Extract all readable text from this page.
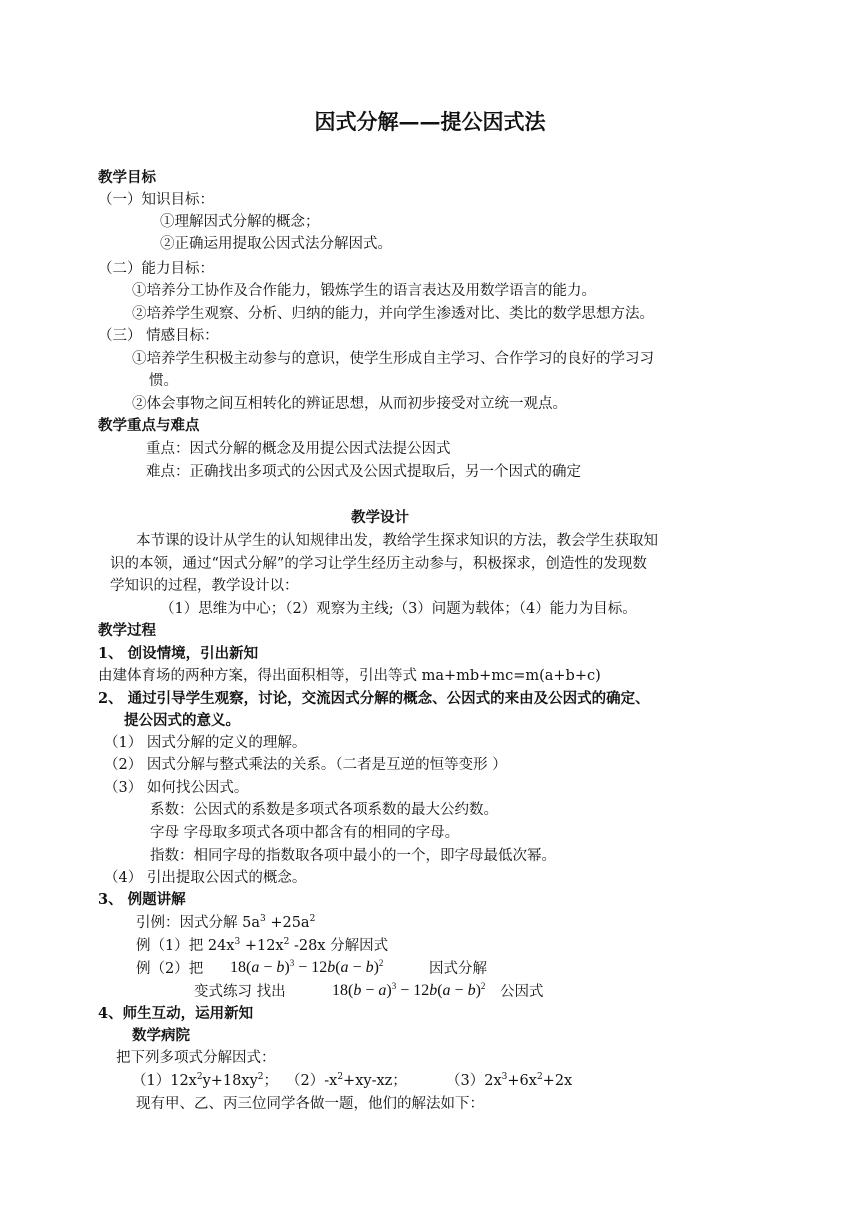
因式分解——提公因式法
教学目标
（一）知识目标：
①理解因式分解的概念；
②正确运用提取公因式法分解因式。
（二）能力目标：
①培养分工协作及合作能力，锻炼学生的语言表达及用数学语言的能力。
②培养学生观察、分析、归纳的能力，并向学生渗透对比、类比的数学思想方法。
（三） 情感目标：
①培养学生积极主动参与的意识，使学生形成自主学习、合作学习的良好的学习习
惯。
②体会事物之间互相转化的辨证思想，从而初步接受对立统一观点。
教学重点与难点
重点：因式分解的概念及用提公因式法提公因式
难点：正确找出多项式的公因式及公因式提取后，另一个因式的确定
教学设计
本节课的设计从学生的认知规律出发，教给学生探求知识的方法，教会学生获取知
识的本领，通过“因式分解”的学习让学生经历主动参与，积极探求，创造性的发现数
学知识的过程，教学设计以：
（1）思维为中心；（2）观察为主线;（3）问题为载体；（4）能力为目标。
教学过程
1、 创设情境，引出新知
由建体育场的两种方案，得出面积相等，引出等式 ma+mb+mc=m(a+b+c)
2、 通过引导学生观察，讨论，交流因式分解的概念、公因式的来由及公因式的确定、
提公因式的意义。
（1） 因式分解的定义的理解。
（2） 因式分解与整式乘法的关系。（二者是互逆的恒等变形 ）
（3） 如何找公因式。
系数：公因式的系数是多项式各项系数的最大公约数。
字母 字母取多项式各项中都含有的相同的字母。
指数：相同字母的指数取各项中最小的一个，即字母最低次幂。
（4） 引出提取公因式的概念。
3、 例题讲解
引例：因式分解 $5a^3 +25a^2$
例（1）把 $24x^3 +12x^2$ -28x 分解因式
例（2）把 $18(a - b)^3 - 12b(a - b)^2$	因式分解
变式练习 找出	$18(b - a)^3 - 12b(a - b)^2$ 公因式
4、师生互动，运用新知
数学病院
把下列多项式分解因式：
$(1)12x^2y+18xy^2$； $(2)-x^2+xy-xz$；	$(3)2x^3+6x^2+2x$
现有甲、乙、丙三位同学各做一题，他们的解法如下：
